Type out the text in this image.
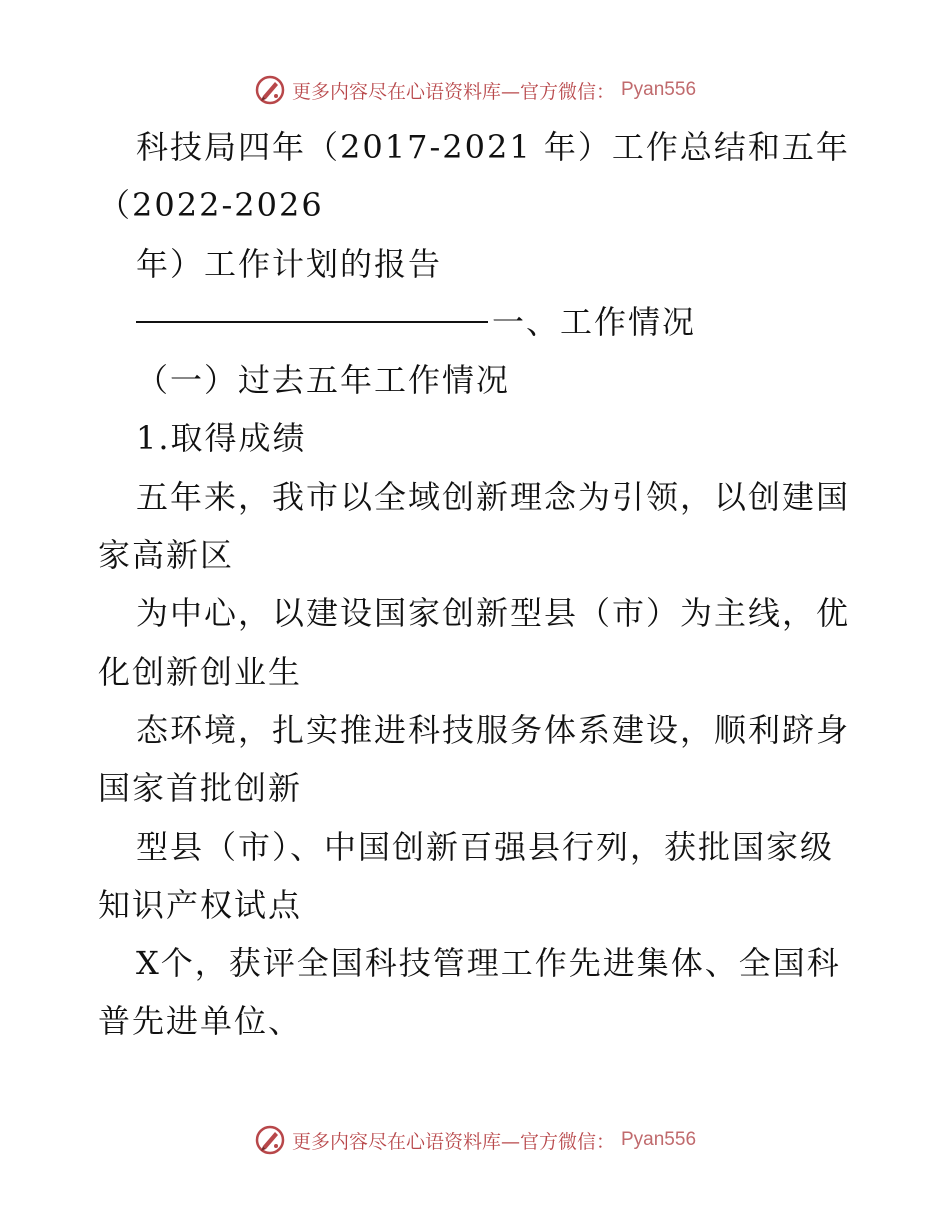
更多内容尽在心语资料库—官方微信： Pyan556
科技局四年（2017-2021 年）工作总结和五年
（2022-2026
年）工作计划的报告
一、工作情况
（一）过去五年工作情况
1.取得成绩
五年来，我市以全域创新理念为引领，以创建国
家高新区
为中心，以建设国家创新型县（市）为主线，优
化创新创业生
态环境，扎实推进科技服务体系建设，顺利跻身
国家首批创新
型县（市）、中国创新百强县行列，获批国家级
知识产权试点
X个，获评全国科技管理工作先进集体、全国科
普先进单位、
更多内容尽在心语资料库—官方微信： Pyan556
